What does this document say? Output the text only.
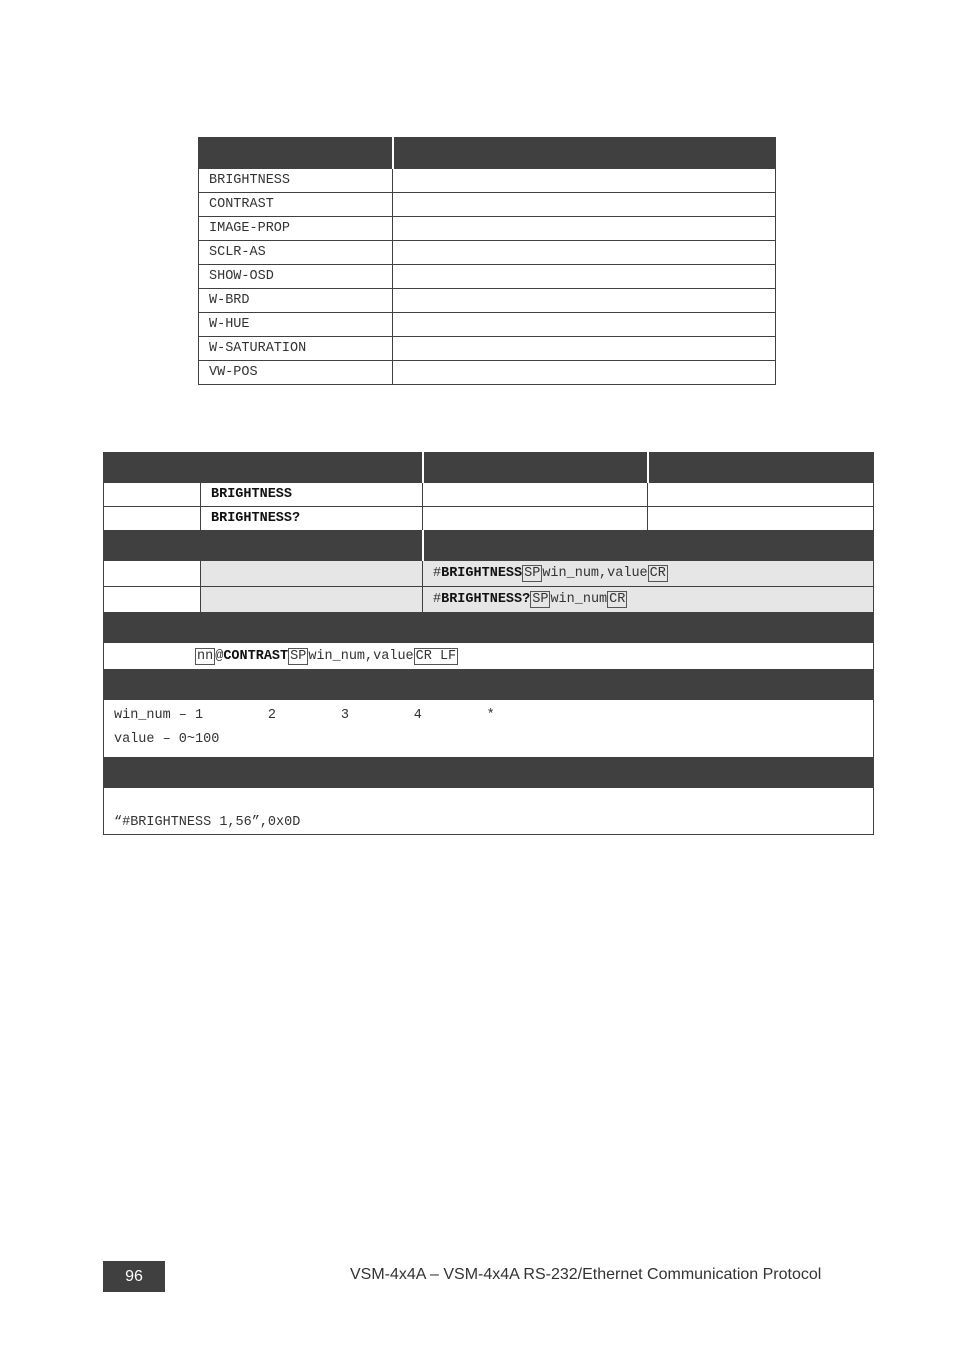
BRIGHTNESS	
CONTRAST	
IMAGE-PROP	
SCLR-AS	
SHOW-OSD	
W-BRD	
W-HUE	
W-SATURATION	
VW-POS	

	BRIGHTNESS		
	BRIGHTNESS?		

		#BRIGHTNESS SP win_num,value CR	
		#BRIGHTNESS? SP win_num CR	

nn @CONTRAST SP win_num,value CR LF			

win_num – 1        2        3        4        *
value – 0~100			

“#BRIGHTNESS 1,56”,0x0D			
96	VSM-4x4A – VSM-4x4A RS-232/Ethernet Communication Protocol
